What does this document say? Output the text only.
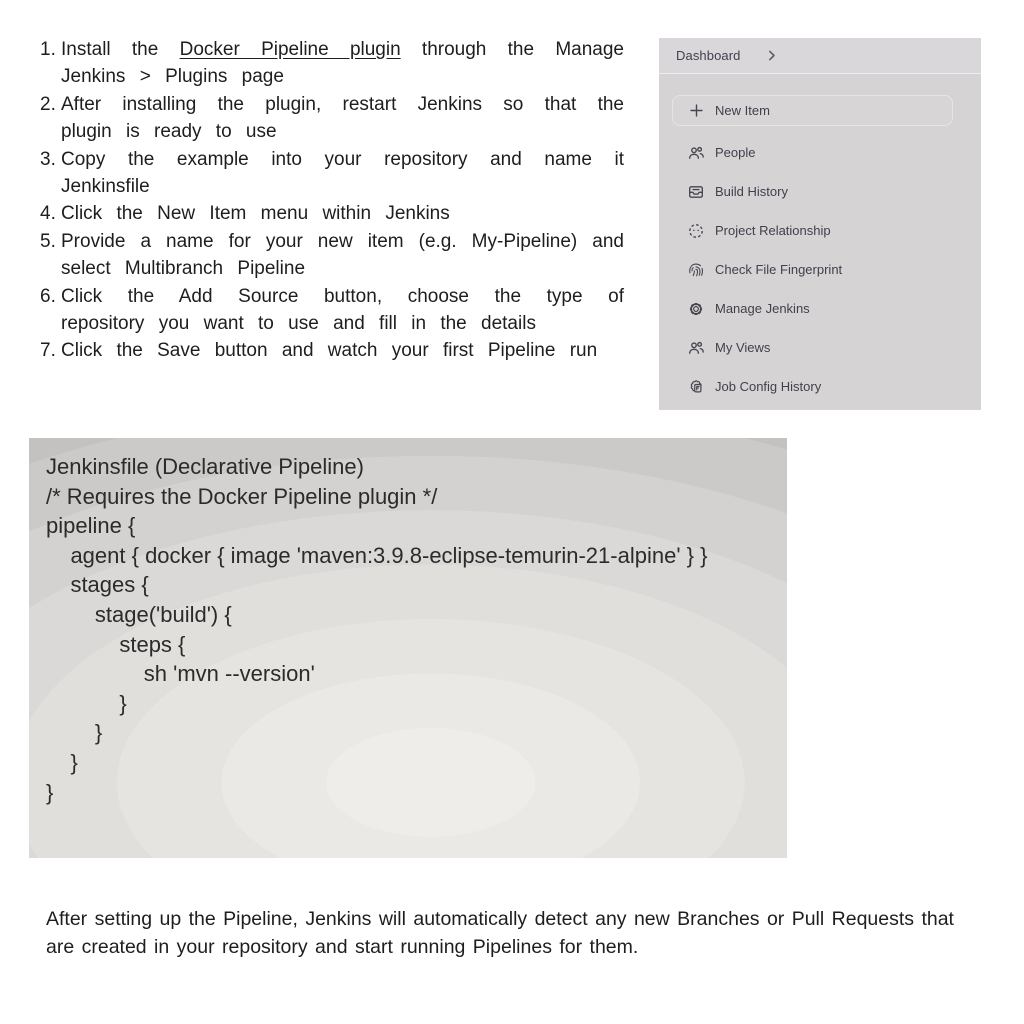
1. Install the Docker Pipeline plugin through the Manage Jenkins > Plugins page
2. After installing the plugin, restart Jenkins so that the plugin is ready to use
3. Copy the example into your repository and name it Jenkinsfile
4. Click the New Item menu within Jenkins
5. Provide a name for your new item (e.g. My-Pipeline) and select Multibranch Pipeline
6. Click the Add Source button, choose the type of repository you want to use and fill in the details
7. Click the Save button and watch your first Pipeline run
Dashboard
New Item
People
Build History
Project Relationship
Check File Fingerprint
Manage Jenkins
My Views
Job Config History
Jenkinsfile (Declarative Pipeline)
/* Requires the Docker Pipeline plugin */
pipeline {
agent { docker { image 'maven:3.9.8-eclipse-temurin-21-alpine' } }
stages {
stage('build') {
steps {
sh 'mvn --version'
}
}
}
}

After setting up the Pipeline, Jenkins will automatically detect any new Branches or Pull Requests that are created in your repository and start running Pipelines for them.
